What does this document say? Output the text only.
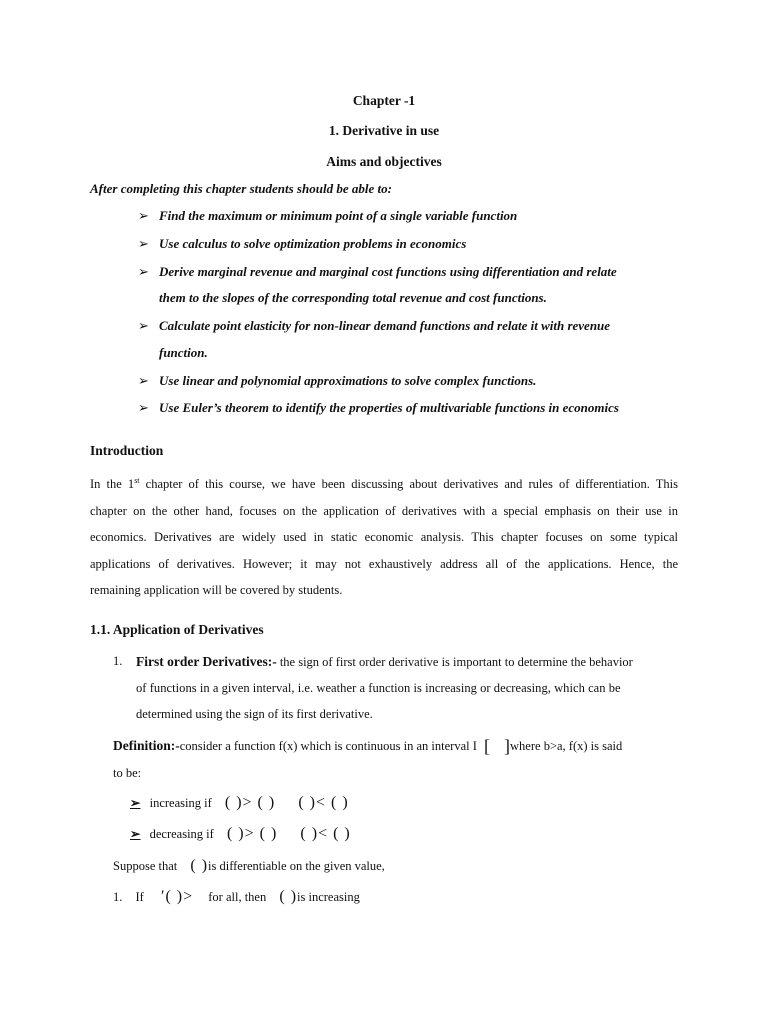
Chapter -1
1. Derivative in use
Aims and objectives
After completing this chapter students should be able to:
➢ Find the maximum or minimum point of a single variable function
➢ Use calculus to solve optimization problems in economics
➢ Derive marginal revenue and marginal cost functions using differentiation and relate
them to the slopes of the corresponding total revenue and cost functions.
➢ Calculate point elasticity for non-linear demand functions and relate it with revenue
function.
➢ Use linear and polynomial approximations to solve complex functions.
➢ Use Euler’s theorem to identify the properties of multivariable functions in economics
Introduction
In the 1st chapter of this course, we have been discussing about derivatives and rules of differentiation. This
chapter on the other hand, focuses on the application of derivatives with a special emphasis on their use in
economics. Derivatives are widely used in static economic analysis. This chapter focuses on some typical
applications of derivatives. However; it may not exhaustively address all of the applications. Hence, the
remaining application will be covered by students.
1.1. Application of Derivatives
1. First order Derivatives:- the sign of first order derivative is important to determine the behavior
of functions in a given interval, i.e. weather a function is increasing or decreasing, which can be
determined using the sign of its first derivative.
Definition:-consider a function f(x) which is continuous in an interval I [ ]where b>a, f(x) is said
to be:
➢ increasing if ( )> ( ) ( )< ( )
➢ decreasing if ( )> ( ) ( )< ( )
Suppose that ( )is differentiable on the given value,
1. If ′( )> for all, then ( )is increasing
